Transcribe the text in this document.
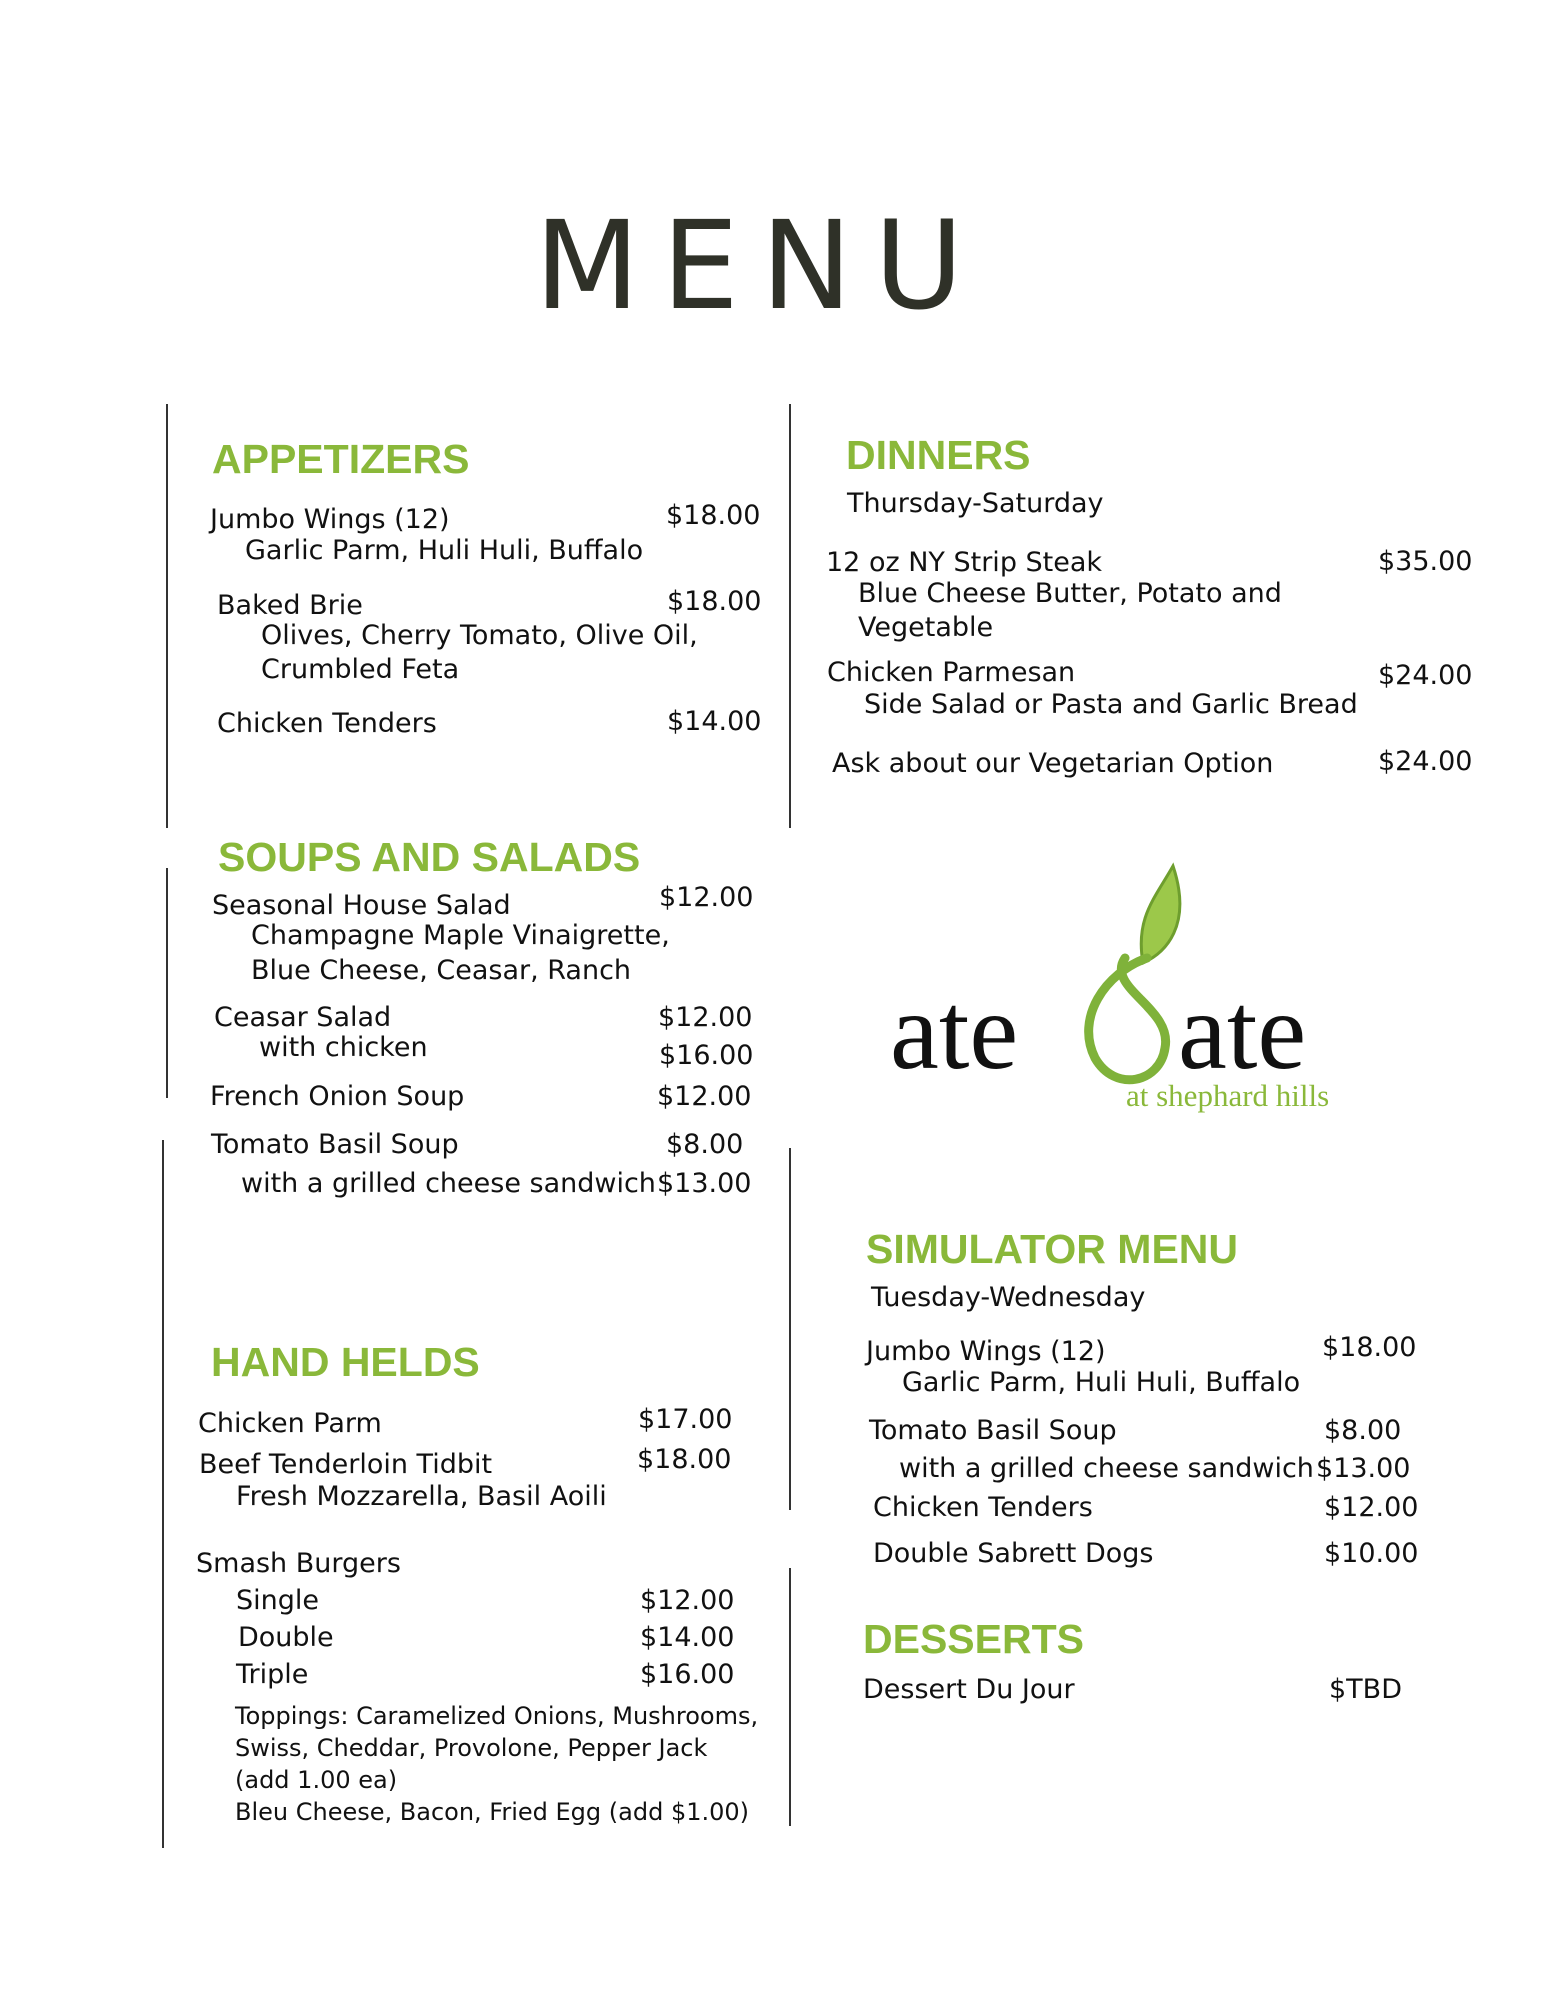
MENU
APPETIZERS
Jumbo Wings (12)	$18.00
Garlic Parm, Huli Huli, Buffalo
Baked Brie	$18.00
Olives, Cherry Tomato, Olive Oil,
Crumbled Feta
Chicken Tenders	$14.00
SOUPS AND SALADS
Seasonal House Salad	$12.00
Champagne Maple Vinaigrette,
Blue Cheese, Ceasar, Ranch
Ceasar Salad	$12.00
with chicken	$16.00
French Onion Soup	$12.00
Tomato Basil Soup	$8.00
with a grilled cheese sandwich $13.00
HAND HELDS
Chicken Parm	$17.00
Beef Tenderloin Tidbit	$18.00
Fresh Mozzarella, Basil Aoili
Smash Burgers
Single	$12.00
Double	$14.00
Triple	$16.00
Toppings: Caramelized Onions, Mushrooms,
Swiss, Cheddar, Provolone, Pepper Jack
(add 1.00 ea)
Bleu Cheese, Bacon, Fried Egg (add $1.00)
DINNERS
Thursday-Saturday
12 oz NY Strip Steak	$35.00
Blue Cheese Butter, Potato and
Vegetable
Chicken Parmesan	$24.00
Side Salad or Pasta and Garlic Bread
Ask about our Vegetarian Option	$24.00
ate ate
at shephard hills
SIMULATOR MENU
Tuesday-Wednesday
Jumbo Wings (12)	$18.00
Garlic Parm, Huli Huli, Buffalo
Tomato Basil Soup	$8.00
with a grilled cheese sandwich $13.00
Chicken Tenders	$12.00
Double Sabrett Dogs	$10.00
DESSERTS
Dessert Du Jour	$TBD
